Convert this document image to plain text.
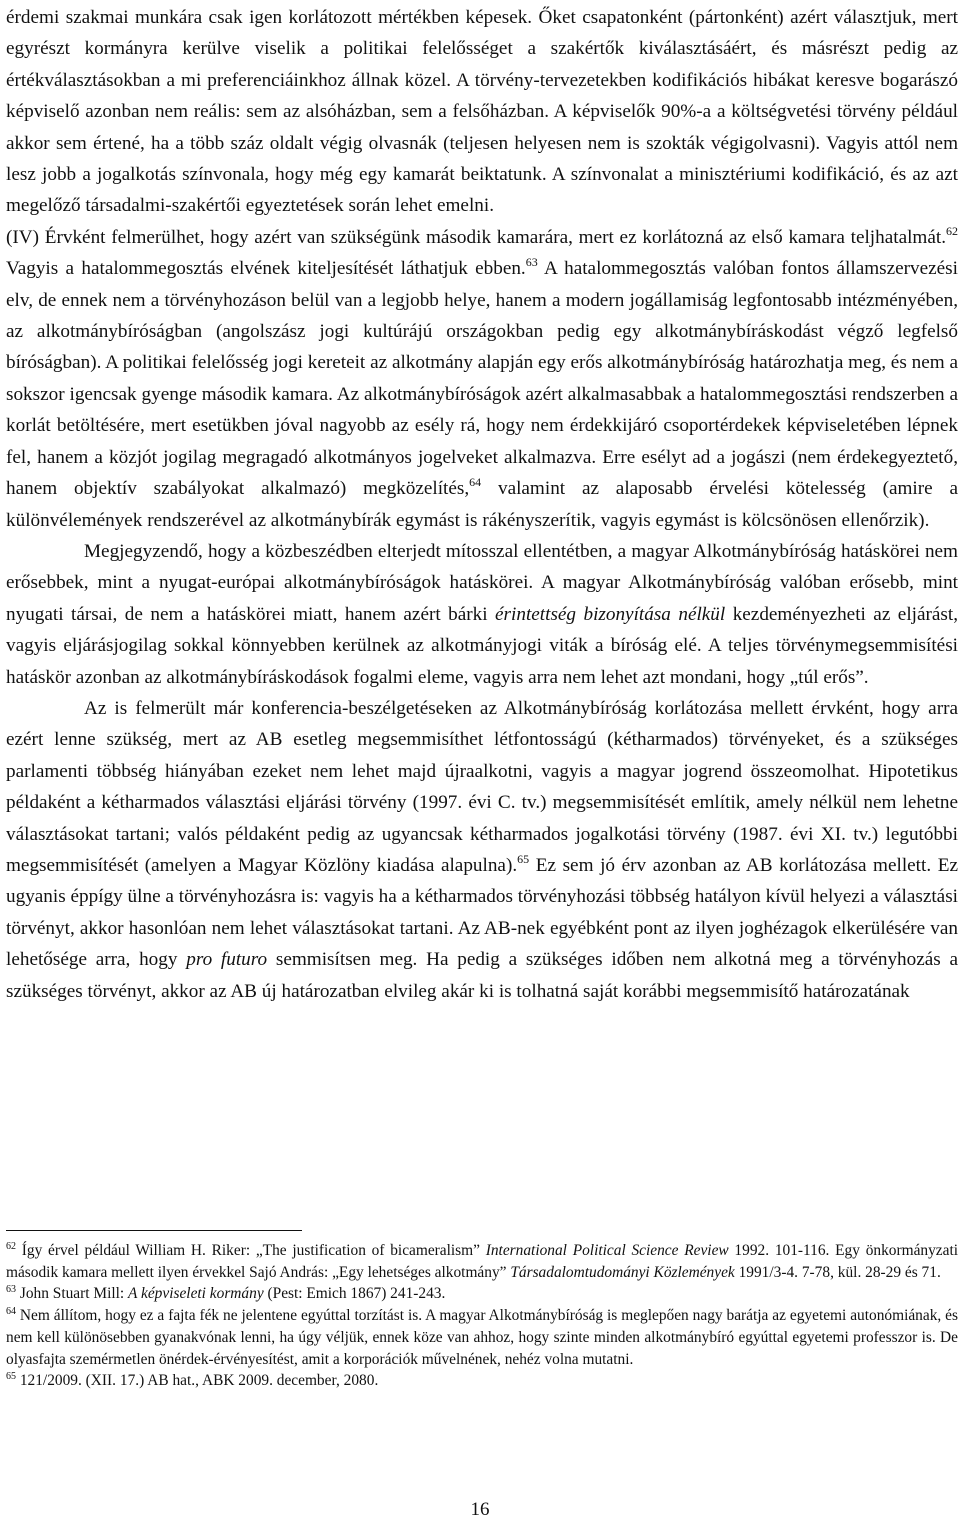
érdemi szakmai munkára csak igen korlátozott mértékben képesek. Őket csapatonként (pártonként) azért választjuk, mert egyrészt kormányra kerülve viselik a politikai felelősséget a szakértők kiválasztásáért, és másrészt pedig az értékválasztásokban a mi preferenciáinkhoz állnak közel. A törvény-tervezetekben kodifikációs hibákat keresve bogarászó képviselő azonban nem reális: sem az alsóházban, sem a felsőházban. A képviselők 90%-a a költségvetési törvény például akkor sem értené, ha a több száz oldalt végig olvasnák (teljesen helyesen nem is szokták végigolvasni). Vagyis attól nem lesz jobb a jogalkotás színvonala, hogy még egy kamarát beiktatunk. A színvonalat a minisztériumi kodifikáció, és az azt megelőző társadalmi-szakértői egyeztetések során lehet emelni.

(IV) Érvként felmerülhet, hogy azért van szükségünk második kamarára, mert ez korlátozná az első kamara teljhatalmát.$^{62}$ Vagyis a hatalommegosztás elvének kiteljesítését láthatjuk ebben.$^{63}$ A hatalommegosztás valóban fontos államszervezési elv, de ennek nem a törvényhozáson belül van a legjobb helye, hanem a modern jogállamiság legfontosabb intézményében, az alkotmánybíróságban (angolszász jogi kultúrájú országokban pedig egy alkotmánybíráskodást végző legfelső bíróságban). A politikai felelősség jogi kereteit az alkotmány alapján egy erős alkotmánybíróság határozhatja meg, és nem a sokszor igencsak gyenge második kamara. Az alkotmánybíróságok azért alkalmasabbak a hatalommegosztási rendszerben a korlát betöltésére, mert esetükben jóval nagyobb az esély rá, hogy nem érdekkijáró csoportérdekek képviseletében lépnek fel, hanem a közjót jogilag megragadó alkotmányos jogelveket alkalmazva. Erre esélyt ad a jogászi (nem érdekegyeztető, hanem objektív szabályokat alkalmazó) megközelítés,$^{64}$ valamint az alaposabb érvelési kötelesség (amire a különvélemények rendszerével az alkotmánybírák egymást is rákényszerítik, vagyis egymást is kölcsönösen ellenőrzik).

Megjegyzendő, hogy a közbeszédben elterjedt mítosszal ellentétben, a magyar Alkotmánybíróság hatáskörei nem erősebbek, mint a nyugat-európai alkotmánybíróságok hatáskörei. A magyar Alkotmánybíróság valóban erősebb, mint nyugati társai, de nem a hatáskörei miatt, hanem azért bárki érintettség bizonyítása nélkül kezdeményezheti az eljárást, vagyis eljárásjogilag sokkal könnyebben kerülnek az alkotmányjogi viták a bíróság elé. A teljes törvénymegsemmisítési hatáskör azonban az alkotmánybíráskodások fogalmi eleme, vagyis arra nem lehet azt mondani, hogy „túl erős”.

Az is felmerült már konferencia-beszélgetéseken az Alkotmánybíróság korlátozása mellett érvként, hogy arra ezért lenne szükség, mert az AB esetleg megsemmisíthet létfontosságú (kétharmados) törvényeket, és a szükséges parlamenti többség hiányában ezeket nem lehet majd újraalkotni, vagyis a magyar jogrend összeomolhat. Hipotetikus példaként a kétharmados választási eljárási törvény (1997. évi C. tv.) megsemmisítését említik, amely nélkül nem lehetne választásokat tartani; valós példaként pedig az ugyancsak kétharmados jogalkotási törvény (1987. évi XI. tv.) legutóbbi megsemmisítését (amelyen a Magyar Közlöny kiadása alapulna).$^{65}$ Ez sem jó érv azonban az AB korlátozása mellett. Ez ugyanis éppígy ülne a törvényhozásra is: vagyis ha a kétharmados törvényhozási többség hatályon kívül helyezi a választási törvényt, akkor hasonlóan nem lehet választásokat tartani. Az AB-nek egyébként pont az ilyen joghézagok elkerülésére van lehetősége arra, hogy pro futuro semmisítsen meg. Ha pedig a szükséges időben nem alkotná meg a törvényhozás a szükséges törvényt, akkor az AB új határozatban elvileg akár ki is tolhatná saját korábbi megsemmisítő határozatának

$^{62}$ Így érvel például William H. Riker: „The justification of bicameralism” International Political Science Review 1992. 101-116. Egy önkormányzati második kamara mellett ilyen érvekkel Sajó András: „Egy lehetséges alkotmány” Társadalomtudományi Közlemények 1991/3-4. 7-78, kül. 28-29 és 71.

$^{63}$ John Stuart Mill: A képviseleti kormány (Pest: Emich 1867) 241-243.

$^{64}$ Nem állítom, hogy ez a fajta fék ne jelentene egyúttal torzítást is. A magyar Alkotmánybíróság is meglepően nagy barátja az egyetemi autonómiának, és nem kell különösebben gyanakvónak lenni, ha úgy véljük, ennek köze van ahhoz, hogy szinte minden alkotmánybíró egyúttal egyetemi professzor is. De olyasfajta szemérmetlen önérdek-érvényesítést, amit a korporációk művelnének, nehéz volna mutatni.

$^{65}$ 121/2009. (XII. 17.) AB hat., ABK 2009. december, 2080.

16
